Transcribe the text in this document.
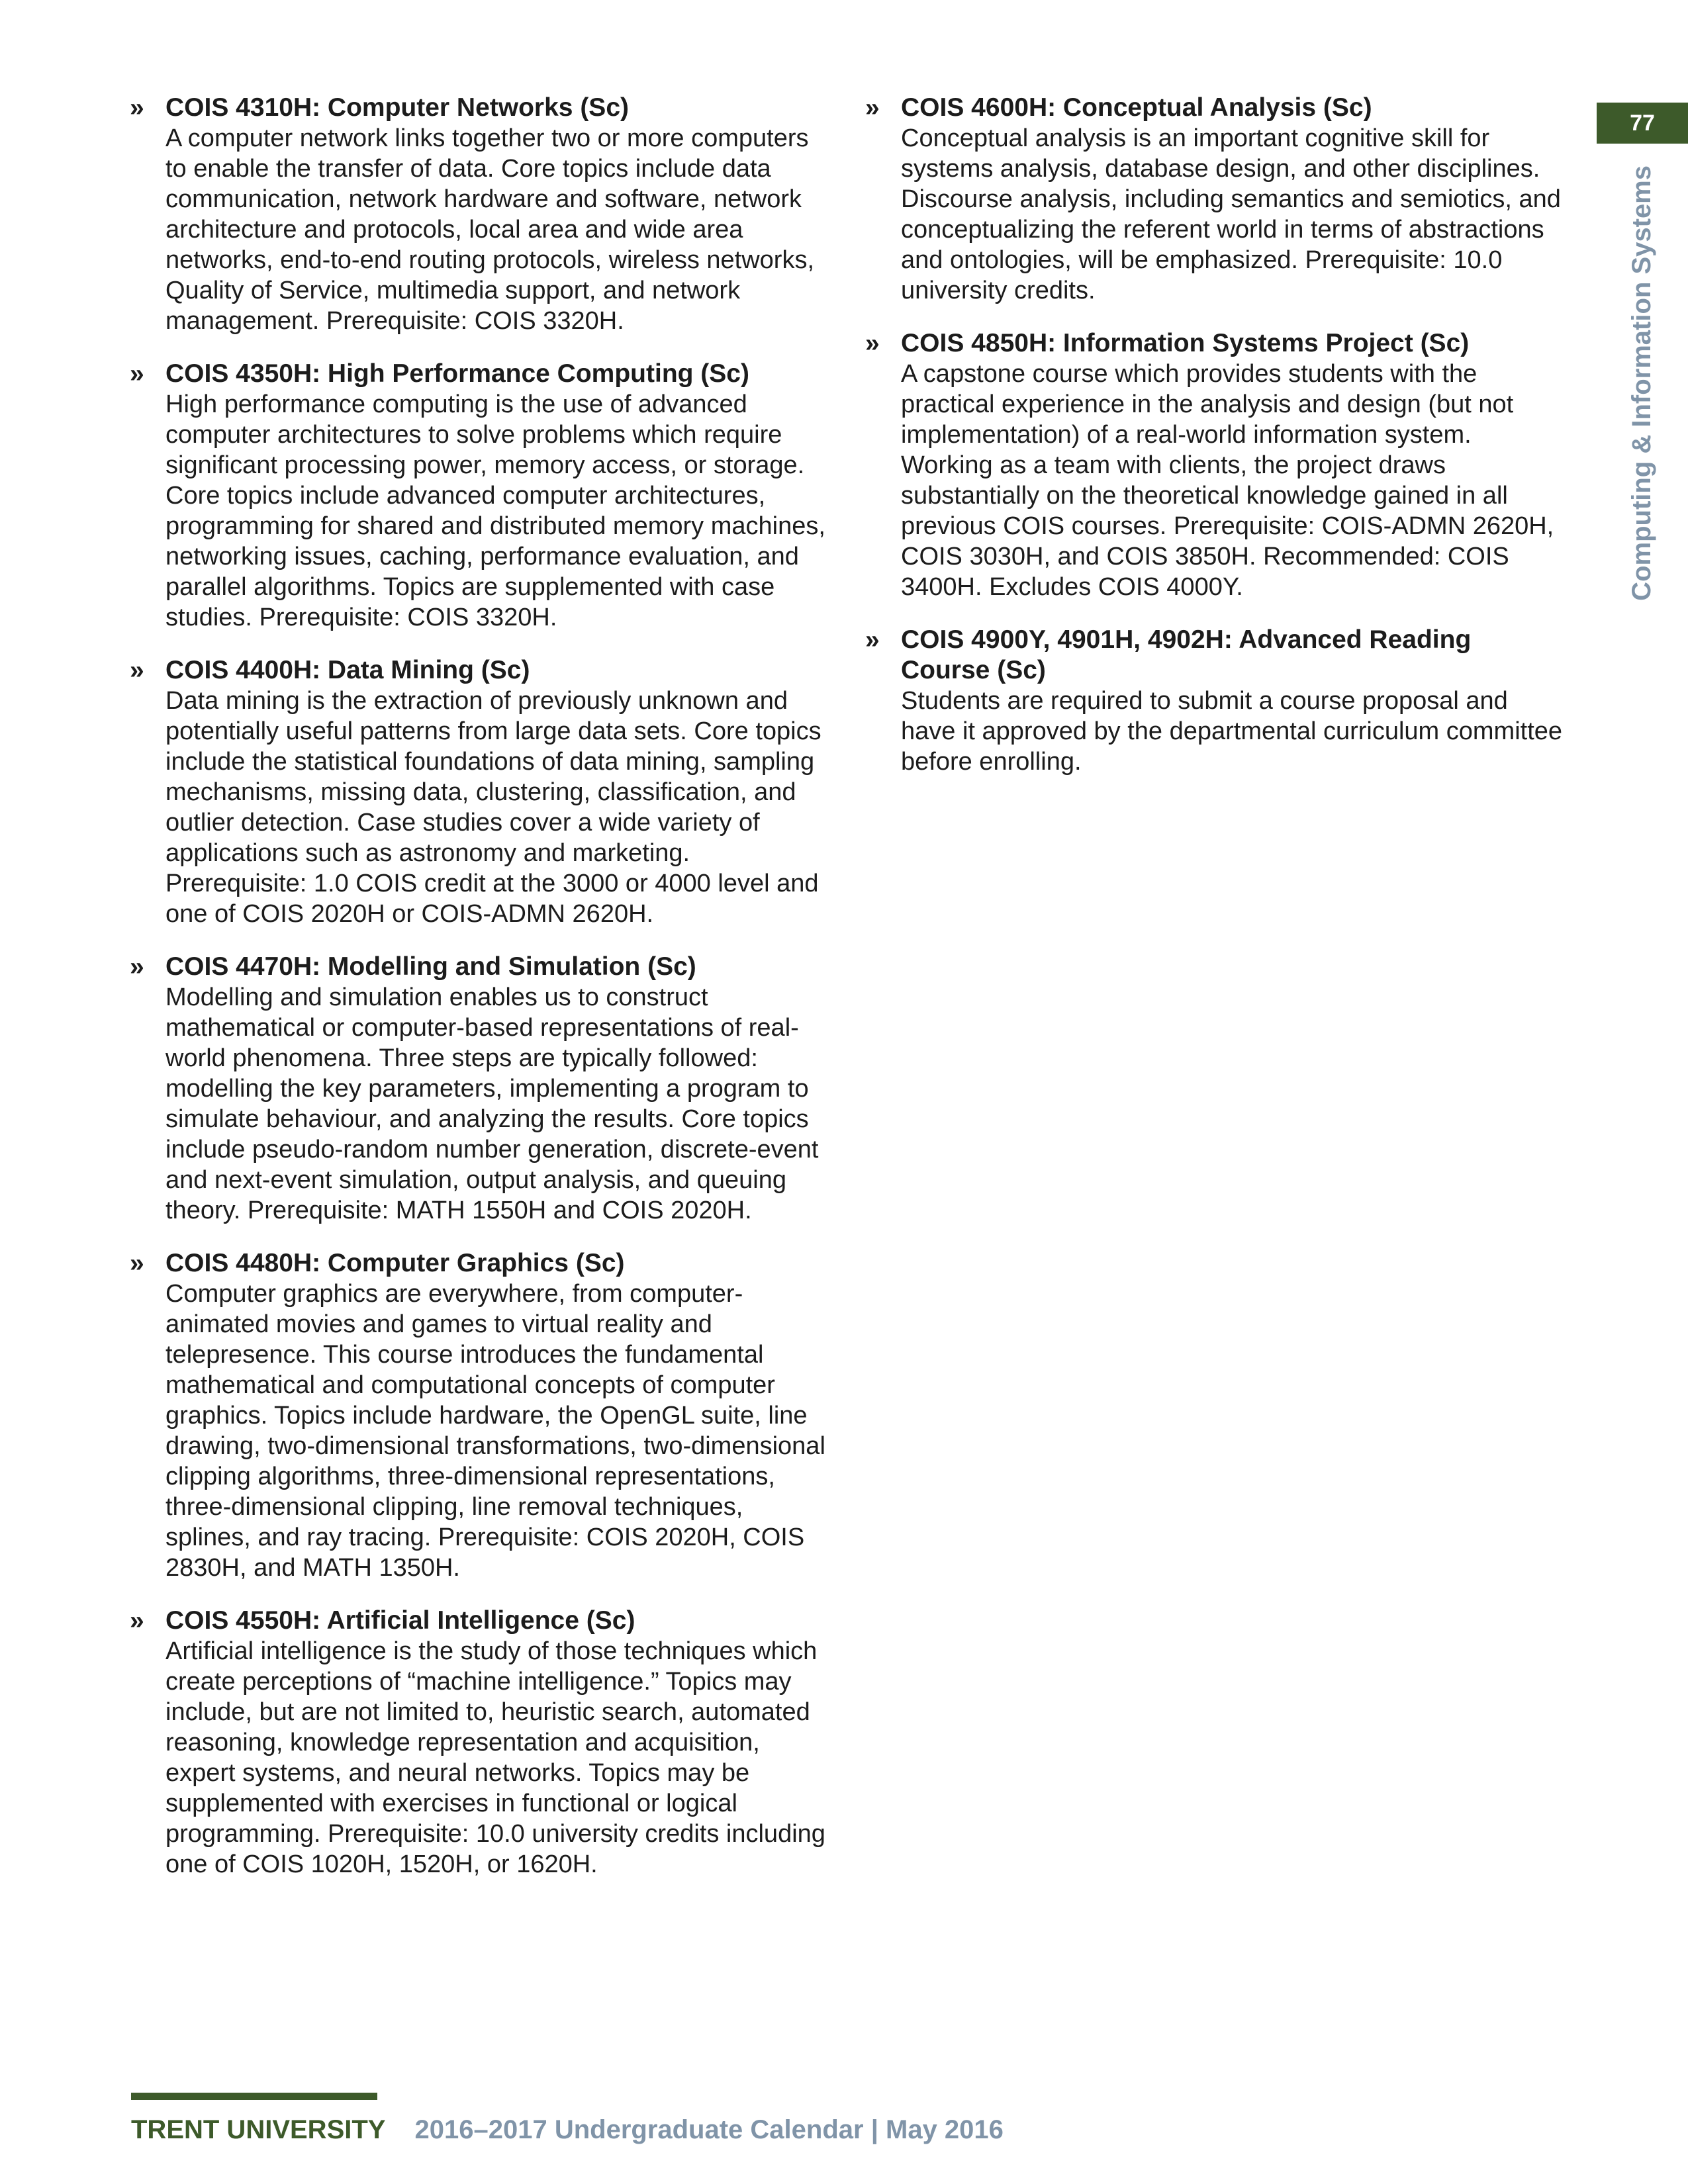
77
Computing & Information Systems
» COIS 4310H: Computer Networks (Sc)
A computer network links together two or more computers to enable the transfer of data. Core topics include data communication, network hardware and software, network architecture and protocols, local area and wide area networks, end-to-end routing protocols, wireless networks, Quality of Service, multimedia support, and network management. Prerequisite: COIS 3320H.
» COIS 4350H: High Performance Computing (Sc)
High performance computing is the use of advanced computer architectures to solve problems which require significant processing power, memory access, or storage. Core topics include advanced computer architectures, programming for shared and distributed memory machines, networking issues, caching, performance evaluation, and parallel algorithms. Topics are supplemented with case studies. Prerequisite: COIS 3320H.
» COIS 4400H: Data Mining (Sc)
Data mining is the extraction of previously unknown and potentially useful patterns from large data sets. Core topics include the statistical foundations of data mining, sampling mechanisms, missing data, clustering, classification, and outlier detection. Case studies cover a wide variety of applications such as astronomy and marketing. Prerequisite: 1.0 COIS credit at the 3000 or 4000 level and one of COIS 2020H or COIS-ADMN 2620H.
» COIS 4470H: Modelling and Simulation (Sc)
Modelling and simulation enables us to construct mathematical or computer-based representations of real-world phenomena. Three steps are typically followed: modelling the key parameters, implementing a program to simulate behaviour, and analyzing the results. Core topics include pseudo-random number generation, discrete-event and next-event simulation, output analysis, and queuing theory. Prerequisite: MATH 1550H and COIS 2020H.
» COIS 4480H: Computer Graphics (Sc)
Computer graphics are everywhere, from computer-animated movies and games to virtual reality and telepresence. This course introduces the fundamental mathematical and computational concepts of computer graphics. Topics include hardware, the OpenGL suite, line drawing, two-dimensional transformations, two-dimensional clipping algorithms, three-dimensional representations, three-dimensional clipping, line removal techniques, splines, and ray tracing. Prerequisite: COIS 2020H, COIS 2830H, and MATH 1350H.
» COIS 4550H: Artificial Intelligence (Sc)
Artificial intelligence is the study of those techniques which create perceptions of “machine intelligence.” Topics may include, but are not limited to, heuristic search, automated reasoning, knowledge representation and acquisition, expert systems, and neural networks. Topics may be supplemented with exercises in functional or logical programming. Prerequisite: 10.0 university credits including one of COIS 1020H, 1520H, or 1620H.
» COIS 4600H: Conceptual Analysis (Sc)
Conceptual analysis is an important cognitive skill for systems analysis, database design, and other disciplines. Discourse analysis, including semantics and semiotics, and conceptualizing the referent world in terms of abstractions and ontologies, will be emphasized. Prerequisite: 10.0 university credits.
» COIS 4850H: Information Systems Project (Sc)
A capstone course which provides students with the practical experience in the analysis and design (but not implementation) of a real-world information system. Working as a team with clients, the project draws substantially on the theoretical knowledge gained in all previous COIS courses. Prerequisite: COIS-ADMN 2620H, COIS 3030H, and COIS 3850H. Recommended: COIS 3400H. Excludes COIS 4000Y.
» COIS 4900Y, 4901H, 4902H: Advanced Reading Course (Sc)
Students are required to submit a course proposal and have it approved by the departmental curriculum committee before enrolling.
TRENT UNIVERSITY 2016–2017 Undergraduate Calendar | May 2016
